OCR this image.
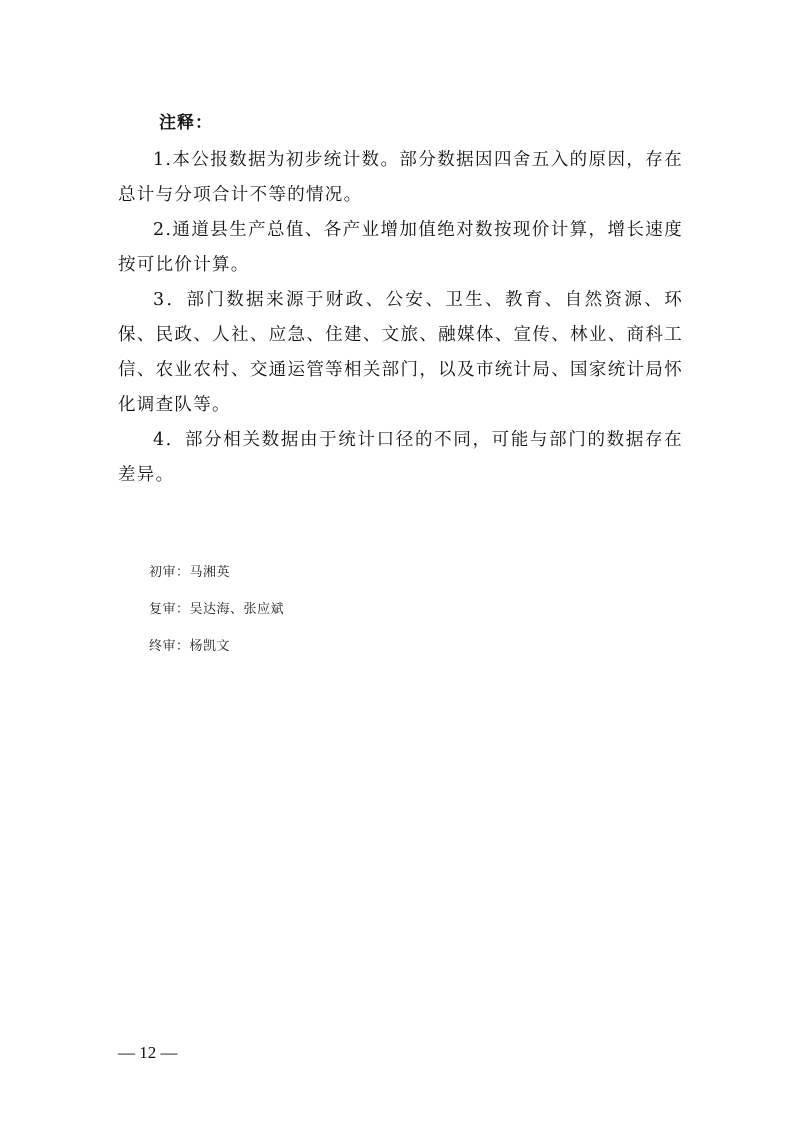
注释：

1.本公报数据为初步统计数。部分数据因四舍五入的原因，存在总计与分项合计不等的情况。

2.通道县生产总值、各产业增加值绝对数按现价计算，增长速度按可比价计算。

3．部门数据来源于财政、公安、卫生、教育、自然资源、环保、民政、人社、应急、住建、文旅、融媒体、宣传、林业、商科工信、农业农村、交通运管等相关部门，以及市统计局、国家统计局怀化调查队等。

4．部分相关数据由于统计口径的不同，可能与部门的数据存在差异。

初审：马湘英
复审：吴达海、张应斌
终审：杨凯文
— 12 —
